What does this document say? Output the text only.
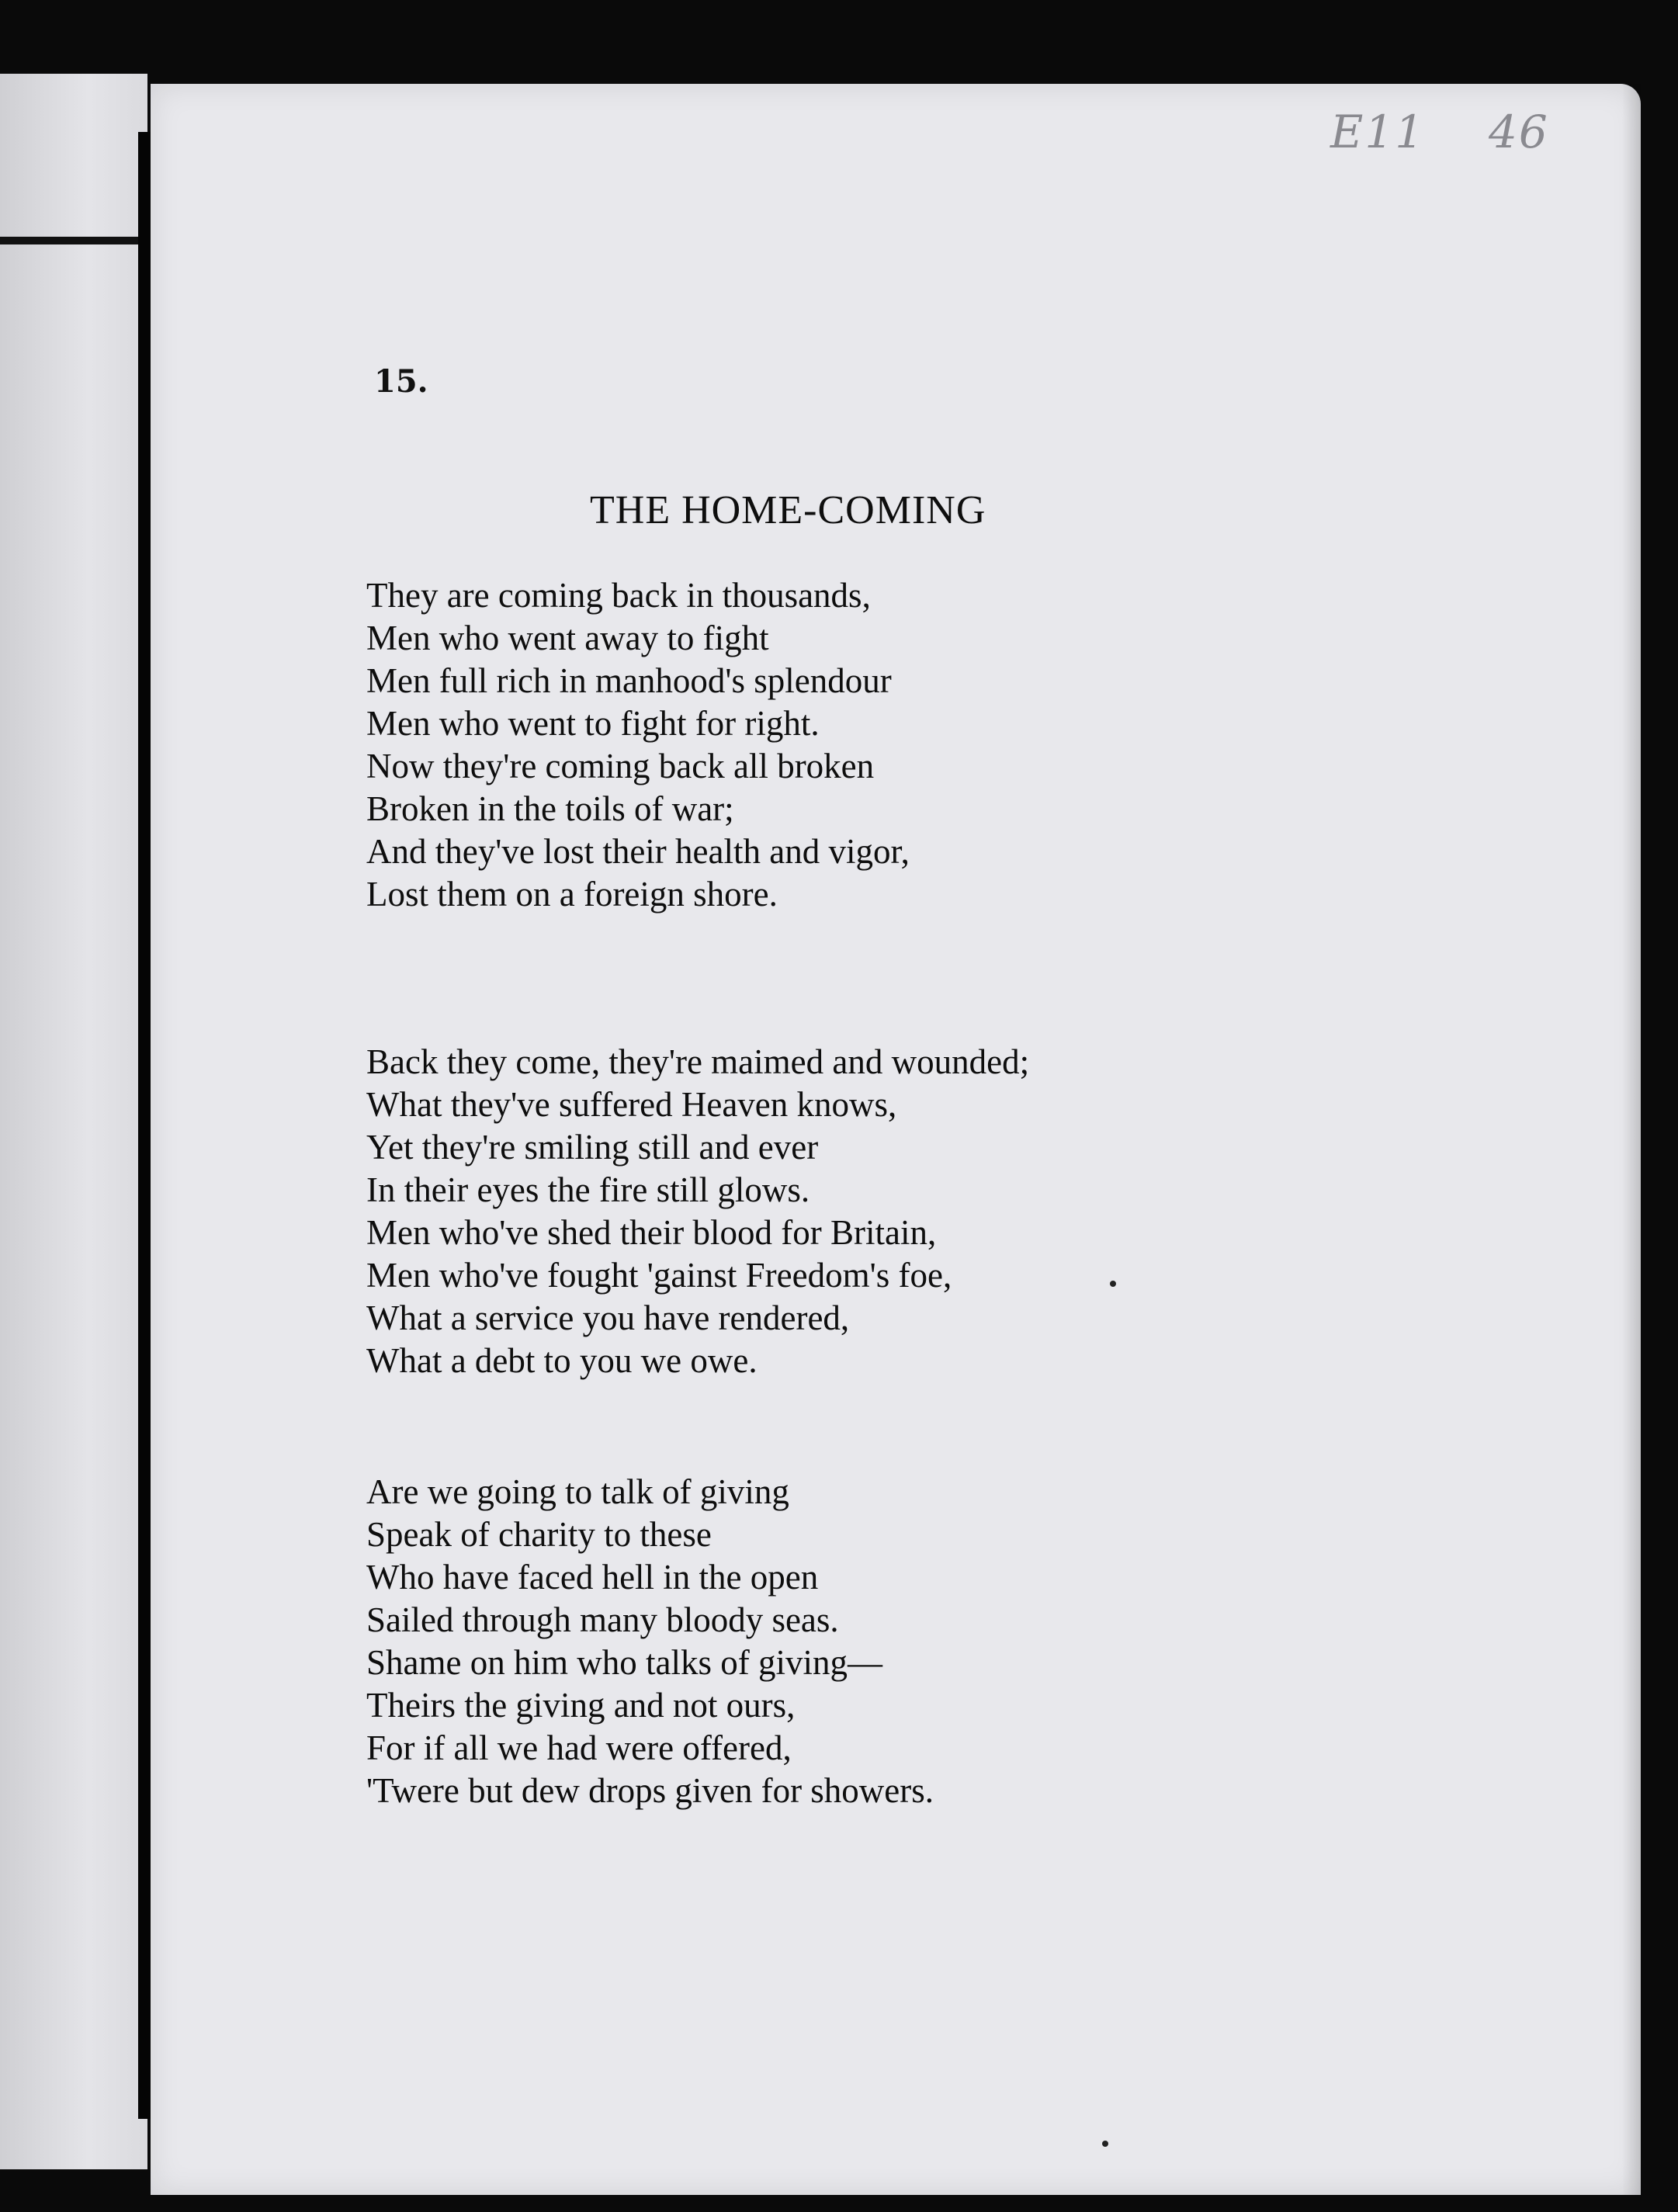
E11 46
15.
THE HOME-COMING
They are coming back in thousands,
Men who went away to fight
Men full rich in manhood's splendour
Men who went to fight for right.
Now they're coming back all broken
Broken in the toils of war;
And they've lost their health and vigor,
Lost them on a foreign shore.
Back they come, they're maimed and wounded;
What they've suffered Heaven knows,
Yet they're smiling still and ever
In their eyes the fire still glows.
Men who've shed their blood for Britain,
Men who've fought 'gainst Freedom's foe,
What a service you have rendered,
What a debt to you we owe.
Are we going to talk of giving
Speak of charity to these
Who have faced hell in the open
Sailed through many bloody seas.
Shame on him who talks of giving—
Theirs the giving and not ours,
For if all we had were offered,
'Twere but dew drops given for showers.
